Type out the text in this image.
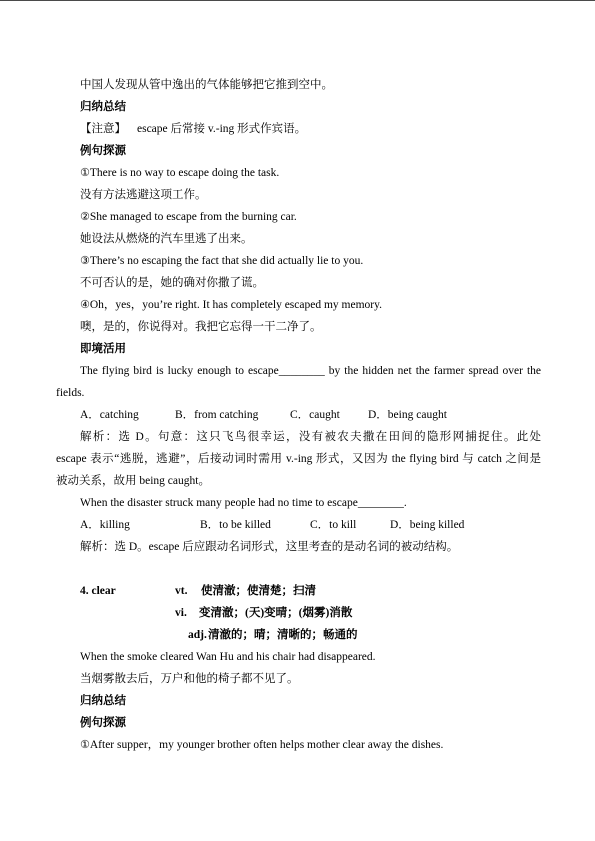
中国人发现从管中逸出的气体能够把它推到空中。
归纳总结
【注意】 escape 后常接 v.-ing 形式作宾语。
例句探源
①There is no way to escape doing the task.
没有方法逃避这项工作。
②She managed to escape from the burning car.
她设法从燃烧的汽车里逃了出来。
③There’s no escaping the fact that she did actually lie to you.
不可否认的是，她的确对你撒了谎。
④Oh，yes，you’re right. It has completely escaped my memory.
噢，是的，你说得对。我把它忘得一干二净了。
即境活用
The flying bird is lucky enough to escape________ by the hidden net the farmer spread over the
fields.
A．catching	B．from catching	C．caught D．being caught
解析：选 D。句意：这只飞鸟很幸运，没有被农夫撒在田间的隐形网捕捉住。此处
escape 表示“逃脱，逃避”，后接动词时需用 v.-ing 形式，又因为 the flying bird 与 catch 之间是
被动关系，故用 being caught。
When the disaster struck many people had no time to escape________.
A．killing	B．to be killed	C．to kill	D．being killed
解析：选 D。escape 后应跟动名词形式，这里考查的是动名词的被动结构。
4. clear	vt. 使清澈；使清楚；扫清
vi. 变清澈；(天)变晴；(烟雾)消散
adj. 清澈的；晴；清晰的；畅通的
When the smoke cleared Wan Hu and his chair had disappeared.
当烟雾散去后，万户和他的椅子都不见了。
归纳总结
例句探源
①After supper，my younger brother often helps mother clear away the dishes.
